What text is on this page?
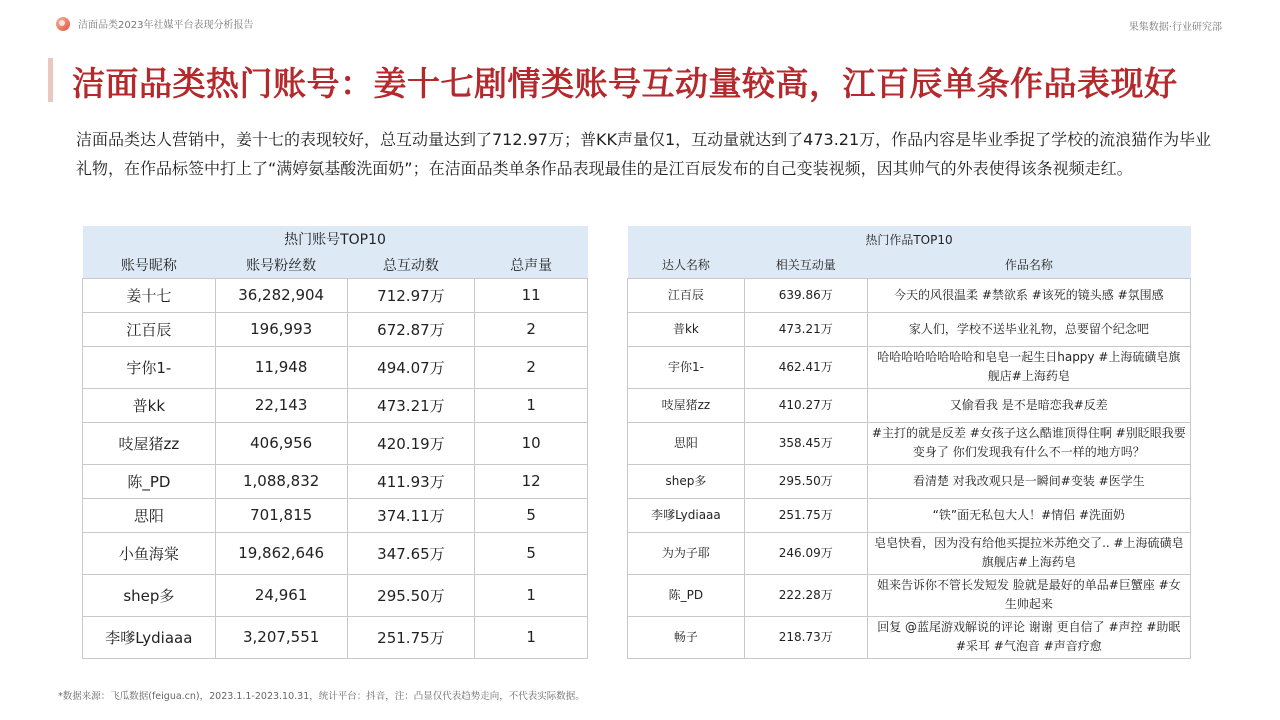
洁面品类2023年社媒平台表现分析报告	果集数据·行业研究部
洁面品类热门账号：姜十七剧情类账号互动量较高，江百辰单条作品表现好
洁面品类达人营销中，姜十七的表现较好，总互动量达到了712.97万；普KK声量仅1，互动量就达到了473.21万，作品内容是毕业季捉了学校的流浪猫作为毕业礼物，在作品标签中打上了“满婷氨基酸洗面奶”；在洁面品类单条作品表现最佳的是江百辰发布的自己变装视频，因其帅气的外表使得该条视频走红。
热门账号TOP10			
账号昵称	账号粉丝数	总互动数	总声量
姜十七	36,282,904	712.97万	11
江百辰	196,993	672.87万	2
宇你1-	11,948	494.07万	2
普kk	22,143	473.21万	1
吱屋猪zz	406,956	420.19万	10
陈_PD	1,088,832	411.93万	12
思阳	701,815	374.11万	5
小鱼海棠	19,862,646	347.65万	5
shep多	24,961	295.50万	1
李嗲Lydiaaa	3,207,551	251.75万	1
热门作品TOP10		
达人名称	相关互动量	作品名称
江百辰	639.86万	今天的风很温柔 #禁欲系 #该死的镜头感 #氛围感
普kk	473.21万	家人们，学校不送毕业礼物，总要留个纪念吧
宇你1-	462.41万	哈哈哈哈哈哈哈哈和皂皂一起生日happy #上海硫磺皂旗舰店#上海药皂
吱屋猪zz	410.27万	又偷看我 是不是暗恋我#反差
思阳	358.45万	#主打的就是反差 #女孩子这么酷谁顶得住啊 #别眨眼我要变身了 你们发现我有什么不一样的地方吗？
shep多	295.50万	看清楚 对我改观只是一瞬间#变装 #医学生
李嗲Lydiaaa	251.75万	“铁”面无私包大人！#情侣 #洗面奶
为为子耶	246.09万	皂皂快看，因为没有给他买提拉米苏绝交了.. #上海硫磺皂旗舰店#上海药皂
陈_PD	222.28万	姐来告诉你不管长发短发 脸就是最好的单品#巨蟹座 #女生帅起来
畅子	218.73万	回复 @蓝尾游戏解说的评论 谢谢 更自信了 #声控 #助眠 #采耳 #气泡音 #声音疗愈
*数据来源：飞瓜数据(feigua.cn)，2023.1.1-2023.10.31，统计平台：抖音，注：凸显仅代表趋势走向，不代表实际数据。
